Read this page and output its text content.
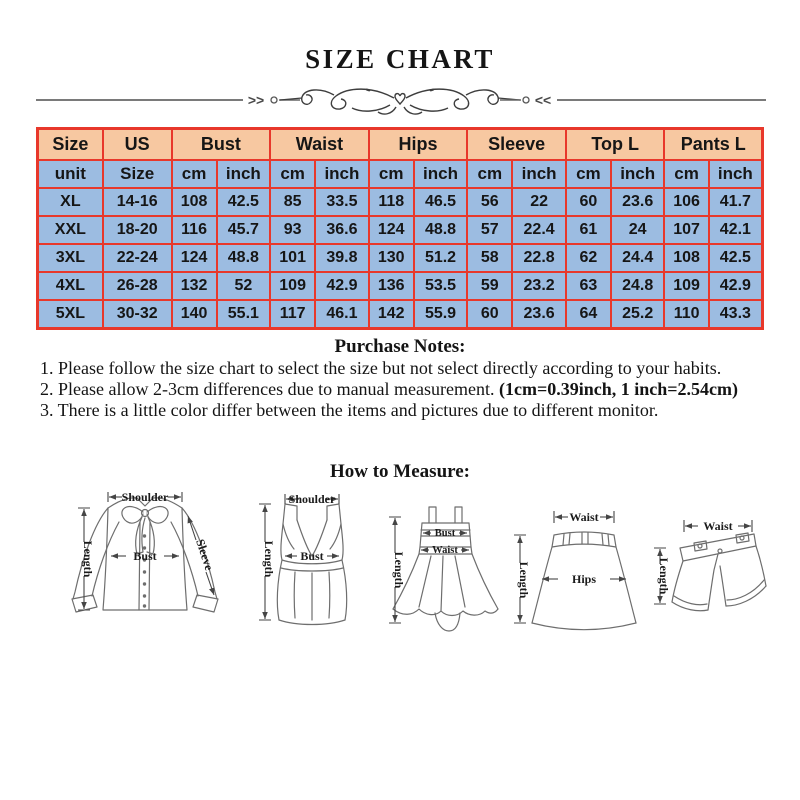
SIZE CHART
>>	<<
Size	US	Bust		Waist		Hips		Sleeve		Top L		Pants L	
unit	Size	cm	inch	cm	inch	cm	inch	cm	inch	cm	inch	cm	inch
XL	14-16	108	42.5	85	33.5	118	46.5	56	22	60	23.6	106	41.7
XXL	18-20	116	45.7	93	36.6	124	48.8	57	22.4	61	24	107	42.1
3XL	22-24	124	48.8	101	39.8	130	51.2	58	22.8	62	24.4	108	42.5
4XL	26-28	132	52	109	42.9	136	53.5	59	23.2	63	24.8	109	42.9
5XL	30-32	140	55.1	117	46.1	142	55.9	60	23.6	64	25.2	110	43.3
Purchase Notes:

1. Please follow the size chart to select the size but not select directly according to your habits.

2. Please allow 2-3cm differences due to manual measurement. (1cm=0.39inch, 1 inch=2.54cm)

3. There is a little color differ between the items and pictures due to different monitor.

How to Measure:
Shoulder
Length	Bust	Sleeve
Shoulder
Length Bust
Bust
Waist
Length
Waist
Hips
Length
Waist
Length
